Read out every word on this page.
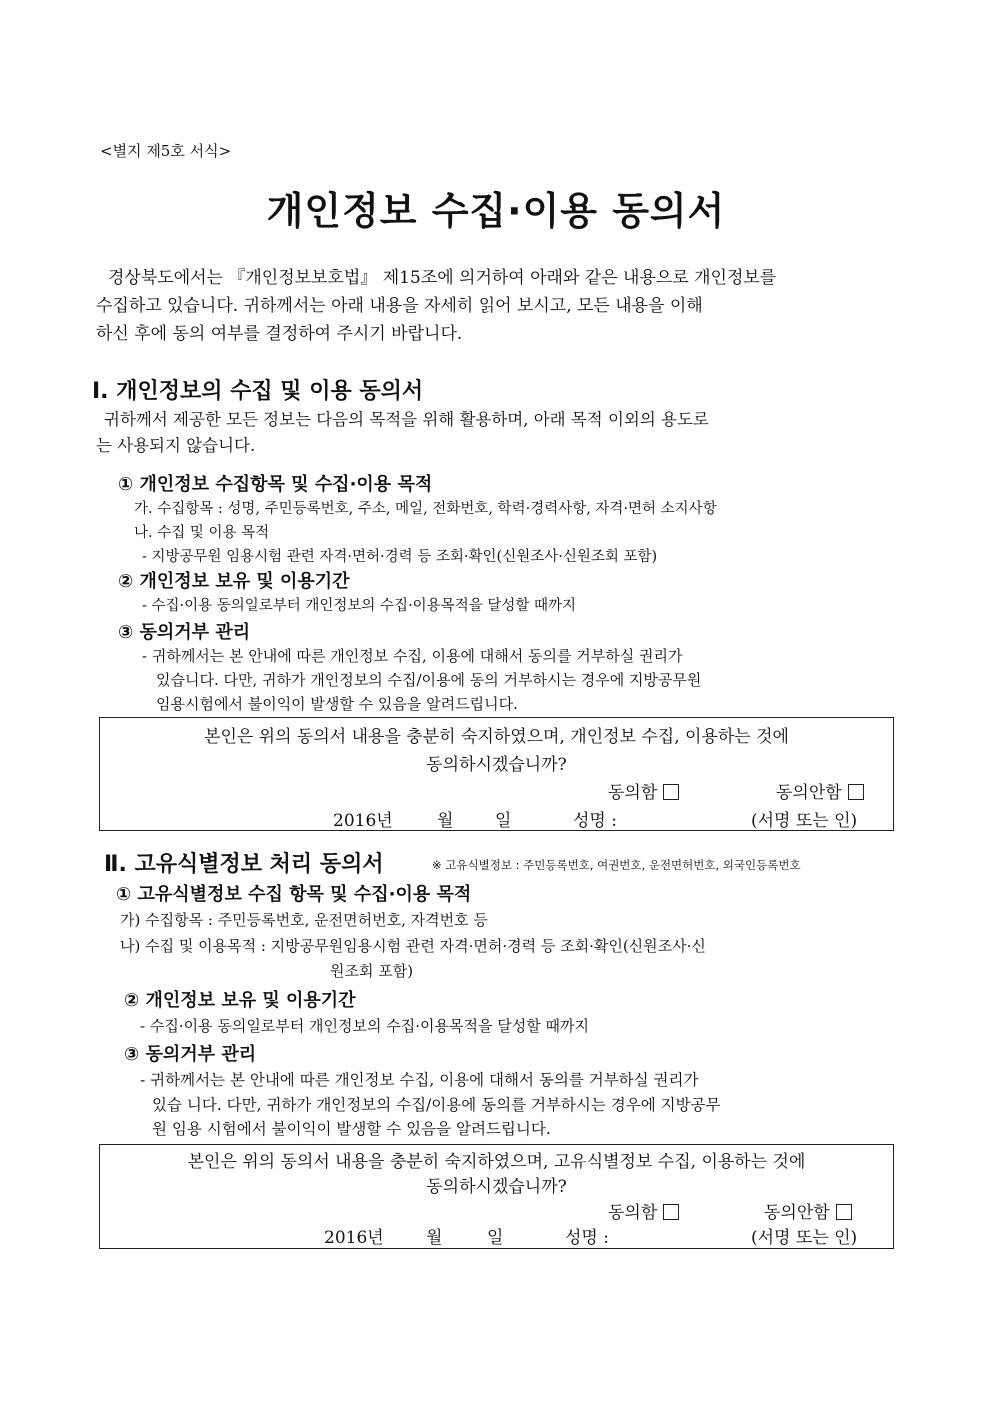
<별지 제5호 서식>
개인정보 수집·이용 동의서
경상북도에서는 『개인정보보호법』 제15조에 의거하여 아래와 같은 내용으로 개인정보를
수집하고 있습니다. 귀하께서는 아래 내용을 자세히 읽어 보시고, 모든 내용을 이해
하신 후에 동의 여부를 결정하여 주시기 바랍니다.
Ⅰ. 개인정보의 수집 및 이용 동의서
귀하께서 제공한 모든 정보는 다음의 목적을 위해 활용하며, 아래 목적 이외의 용도로
는 사용되지 않습니다.
① 개인정보 수집항목 및 수집·이용 목적
가. 수집항목 : 성명, 주민등록번호, 주소, 메일, 전화번호, 학력·경력사항, 자격·면허 소지사항
나. 수집 및 이용 목적
- 지방공무원 임용시험 관련 자격·면허·경력 등 조회·확인(신원조사·신원조회 포함)
② 개인정보 보유 및 이용기간
- 수집·이용 동의일로부터 개인정보의 수집·이용목적을 달성할 때까지
③ 동의거부 관리
- 귀하께서는 본 안내에 따른 개인정보 수집, 이용에 대해서 동의를 거부하실 권리가
있습니다. 다만, 귀하가 개인정보의 수집/이용에 동의 거부하시는 경우에 지방공무원
임용시험에서 불이익이 발생할 수 있음을 알려드립니다.
본인은 위의 동의서 내용을 충분히 숙지하였으며, 개인정보 수집, 이용하는 것에
동의하시겠습니까?
동의함	동의안함
2016년	월 일	성명 :	(서명 또는 인)
Ⅱ. 고유식별정보 처리 동의서	※ 고유식별정보 : 주민등록번호, 여권번호, 운전면허번호, 외국인등록번호
① 고유식별정보 수집 항목 및 수집·이용 목적
가) 수집항목 : 주민등록번호, 운전면허번호, 자격번호 등
나) 수집 및 이용목적 : 지방공무원임용시험 관련 자격·면허·경력 등 조회·확인(신원조사·신
원조회 포함)
② 개인정보 보유 및 이용기간
- 수집·이용 동의일로부터 개인정보의 수집·이용목적을 달성할 때까지
③ 동의거부 관리
- 귀하께서는 본 안내에 따른 개인정보 수집, 이용에 대해서 동의를 거부하실 권리가
있습 니다. 다만, 귀하가 개인정보의 수집/이용에 동의를 거부하시는 경우에 지방공무
원 임용 시험에서 불이익이 발생할 수 있음을 알려드립니다.
본인은 위의 동의서 내용을 충분히 숙지하였으며, 고유식별정보 수집, 이용하는 것에
동의하시겠습니까?
동의함	동의안함
2016년 월	일	성명 :	(서명 또는 인)
